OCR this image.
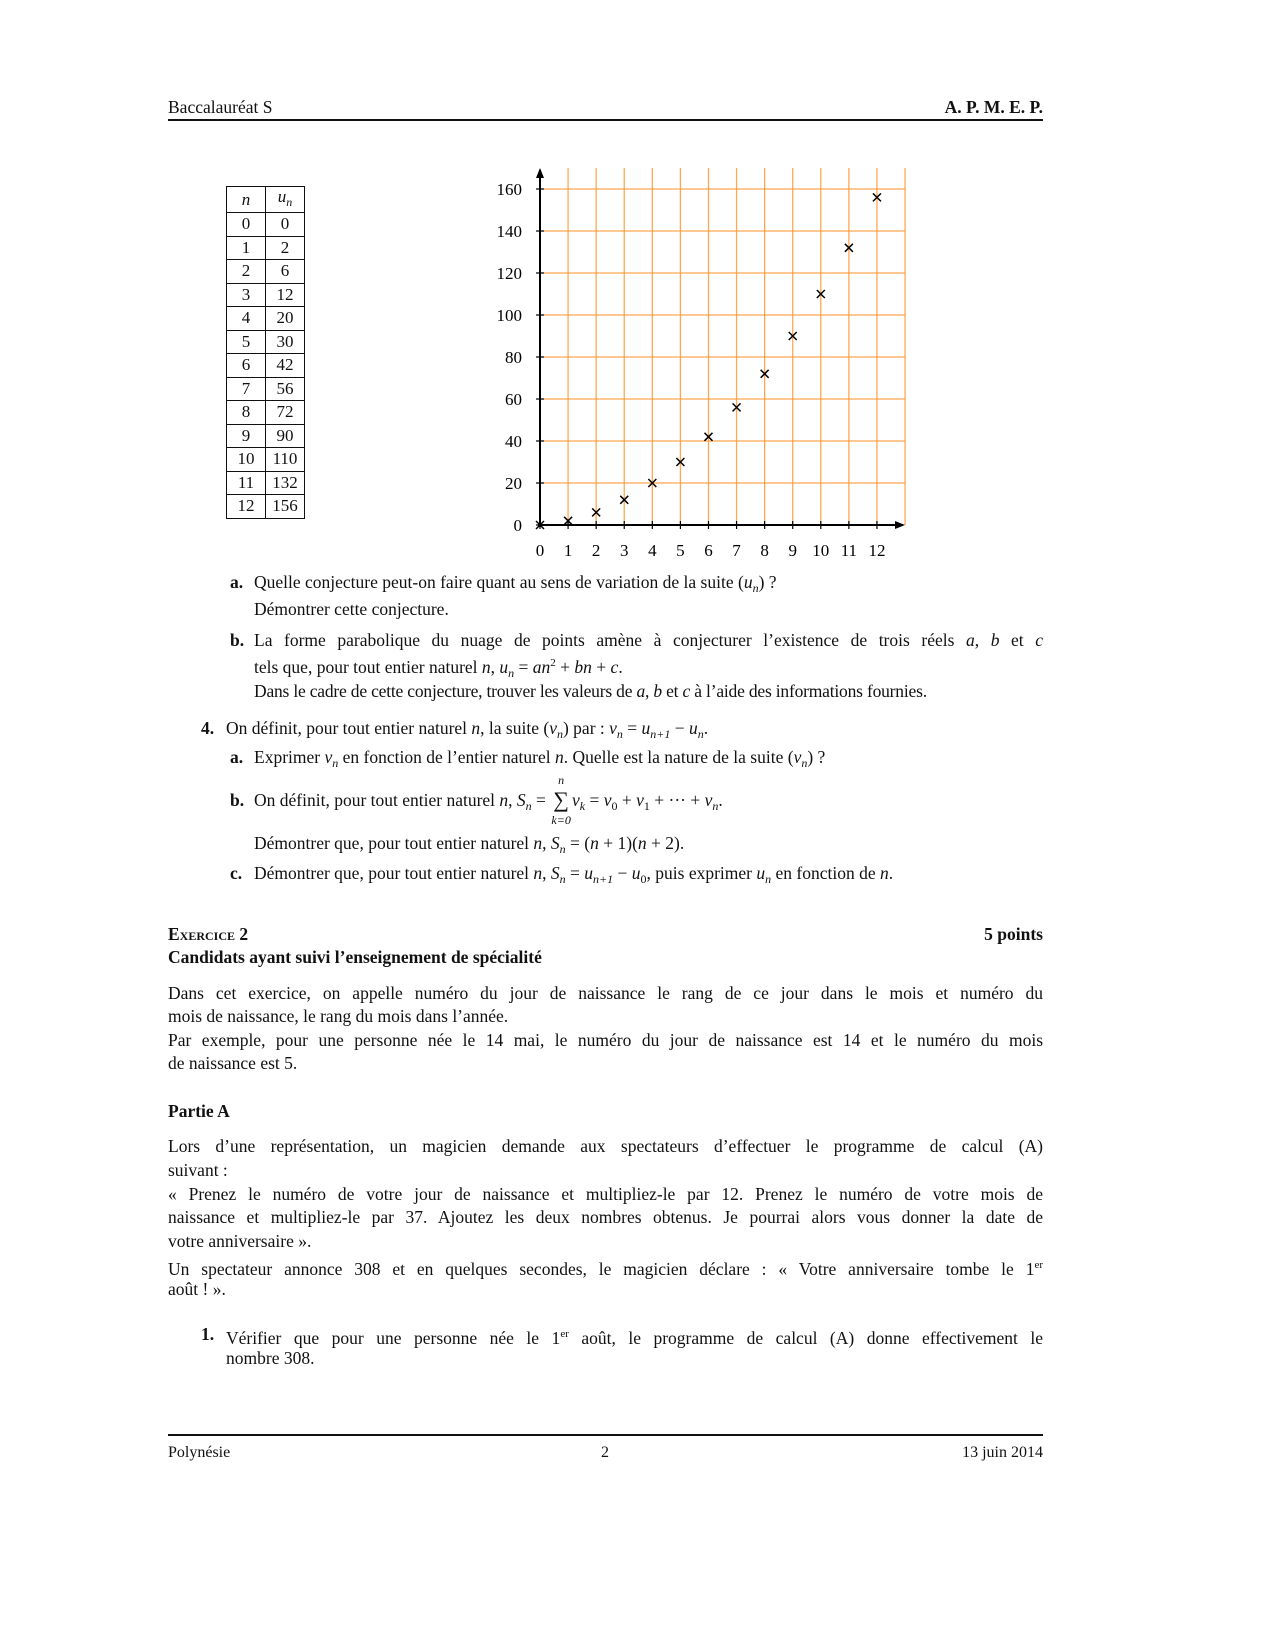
Baccalauréat S	A. P. M. E. P.
n	$u_n$
0	0
1	2
2	6
3	12
4	20
5	30
6	42
7	56
8	72
9	90
10	110
11	132
12	156
0 1 2 3 4 5 6 7 8 9 10 11 12
0
20
40
60
80
100
120
140
160
a. Quelle conjecture peut-on faire quant au sens de variation de la suite $(u_n)$ ?
Démontrer cette conjecture.
b. La forme parabolique du nuage de points amène à conjecturer l’existence de trois réels a, b et c
tels que, pour tout entier naturel n, $u_n = an^2$ + bn + c.
Dans le cadre de cette conjecture, trouver les valeurs de a, b et c à l’aide des informations fournies.
4. On définit, pour tout entier naturel n, la suite $(v_n)$ par : $v_n = u_{n+1} - u_n$.
a. Exprimer $v_n$ en fonction de l’entier naturel n. Quelle est la nature de la suite $(v_n)$ ?
b. On définit, pour tout entier naturel n, $S_n$ = ∑
n
k=0
$v_k = v_0 + v_1$ + ··· + $v_n$.
Démontrer que, pour tout entier naturel n, $S_n = (n + 1)(n + 2)$.
c. Démontrer que, pour tout entier naturel n, $S_n = u_{n+1} - u_0$, puis exprimer $u_n$ en fonction de n.
Exercice 2	5 points
Candidats ayant suivi l’enseignement de spécialité
Dans cet exercice, on appelle numéro du jour de naissance le rang de ce jour dans le mois et numéro du
mois de naissance, le rang du mois dans l’année.
Par exemple, pour une personne née le 14 mai, le numéro du jour de naissance est 14 et le numéro du mois
de naissance est 5.
Partie A
Lors d’une représentation, un magicien demande aux spectateurs d’effectuer le programme de calcul (A)
suivant :
« Prenez le numéro de votre jour de naissance et multipliez-le par 12. Prenez le numéro de votre mois de
naissance et multipliez-le par 37. Ajoutez les deux nombres obtenus. Je pourrai alors vous donner la date de
votre anniversaire ».
Un spectateur annonce 308 et en quelques secondes, le magicien déclare : « Votre anniversaire tombe le 1er
août ! ».
1. Vérifier que pour une personne née le 1er août, le programme de calcul (A) donne effectivement le
nombre 308.
Polynésie	2	13 juin 2014
